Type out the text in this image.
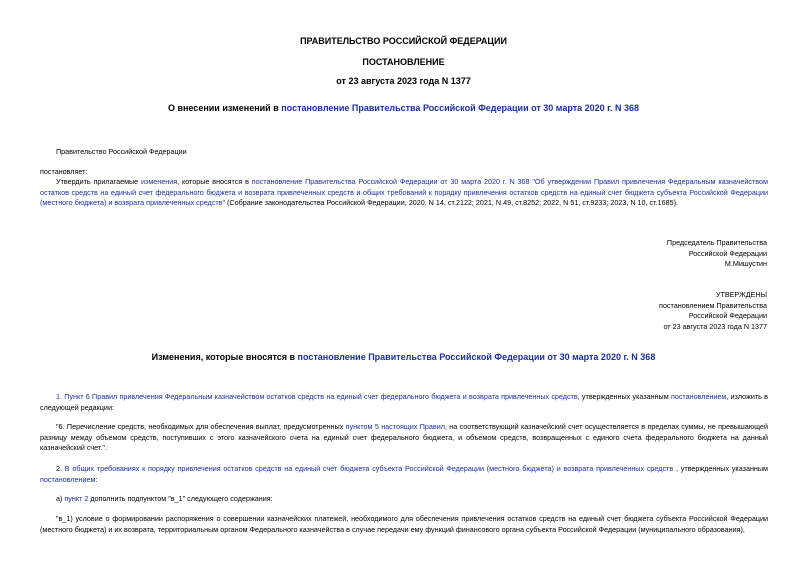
ПРАВИТЕЛЬСТВО РОССИЙСКОЙ ФЕДЕРАЦИИ
ПОСТАНОВЛЕНИЕ
от 23 августа 2023 года N 1377
О внесении изменений в постановление Правительства Российской Федерации от 30 марта 2020 г. N 368
Правительство Российской Федерации
постановляет:
Утвердить прилагаемые изменения, которые вносятся в постановление Правительства Российской Федерации от 30 марта 2020 г. N 368 "Об утверждении Правил привлечения Федеральным казначейством остатков средств на единый счет федерального бюджета и возврата привлеченных средств и общих требований к порядку привлечения остатков средств на единый счет бюджета субъекта Российской Федерации (местного бюджета) и возврата привлеченных средств" (Собрание законодательства Российской Федерации, 2020, N 14, ст.2122; 2021, N 49, ст.8252; 2022, N 51, ст.9233; 2023, N 10, ст.1685).
Председатель Правительства
Российской Федерации
М.Мишустин
УТВЕРЖДЕНЫ
постановлением Правительства
Российской Федерации
от 23 августа 2023 года N 1377
Изменения, которые вносятся в постановление Правительства Российской Федерации от 30 марта 2020 г. N 368
1. Пункт 6 Правил привлечения Федеральным казначейством остатков средств на единый счет федерального бюджета и возврата привлеченных средств, утвержденных указанным постановлением, изложить в следующей редакции:
"6. Перечисление средств, необходимых для обеспечения выплат, предусмотренных пунктом 5 настоящих Правил, на соответствующий казначейский счет осуществляется в пределах суммы, не превышающей разницу между объемом средств, поступивших с этого казначейского счета на единый счет федерального бюджета, и объемом средств, возвращенных с единого счета федерального бюджета на данный казначейский счет.".
2. В общих требованиях к порядку привлечения остатков средств на единый счет бюджета субъекта Российской Федерации (местного бюджета) и возврата привлеченных средств , утвержденных указанным постановлением:
а) пункт 2 дополнить подпунктом "в_1" следующего содержания:
"в_1) условие о формировании распоряжения о совершении казначейских платежей, необходимого для обеспечения привлечения остатков средств на единый счет бюджета субъекта Российской Федерации (местного бюджета) и их возврата, территориальным органом Федерального казначейства в случае передачи ему функций финансового органа субъекта Российской Федерации (муниципального образования),
